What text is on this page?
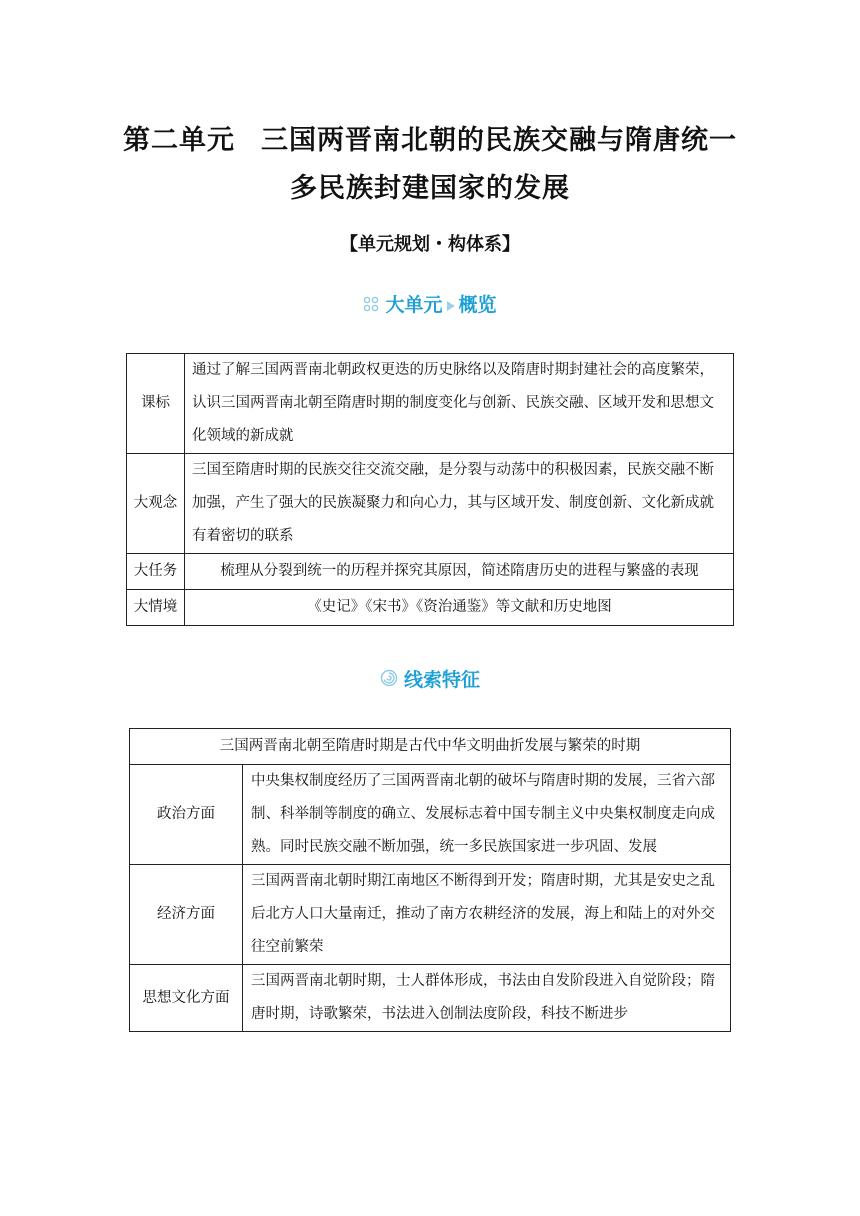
第二单元 三国两晋南北朝的民族交融与隋唐统一
多民族封建国家的发展
【单元规划・构体系】
大单元 概览
课标	通过了解三国两晋南北朝政权更迭的历史脉络以及隋唐时期封建社会的高度繁荣，认识三国两晋南北朝至隋唐时期的制度变化与创新、民族交融、区域开发和思想文化领域的新成就
大观念	三国至隋唐时期的民族交往交流交融，是分裂与动荡中的积极因素，民族交融不断加强，产生了强大的民族凝聚力和向心力，其与区域开发、制度创新、文化新成就有着密切的联系
大任务	梳理从分裂到统一的历程并探究其原因，简述隋唐历史的进程与繁盛的表现
大情境	《史记》《宋书》《资治通鉴》等文献和历史地图
线索特征
三国两晋南北朝至隋唐时期是古代中华文明曲折发展与繁荣的时期	
政治方面	中央集权制度经历了三国两晋南北朝的破坏与隋唐时期的发展，三省六部制、科举制等制度的确立、发展标志着中国专制主义中央集权制度走向成熟。同时民族交融不断加强，统一多民族国家进一步巩固、发展
经济方面	三国两晋南北朝时期江南地区不断得到开发；隋唐时期，尤其是安史之乱后北方人口大量南迁，推动了南方农耕经济的发展，海上和陆上的对外交往空前繁荣
思想文化方面	三国两晋南北朝时期，士人群体形成，书法由自发阶段进入自觉阶段；隋唐时期，诗歌繁荣，书法进入创制法度阶段，科技不断进步
